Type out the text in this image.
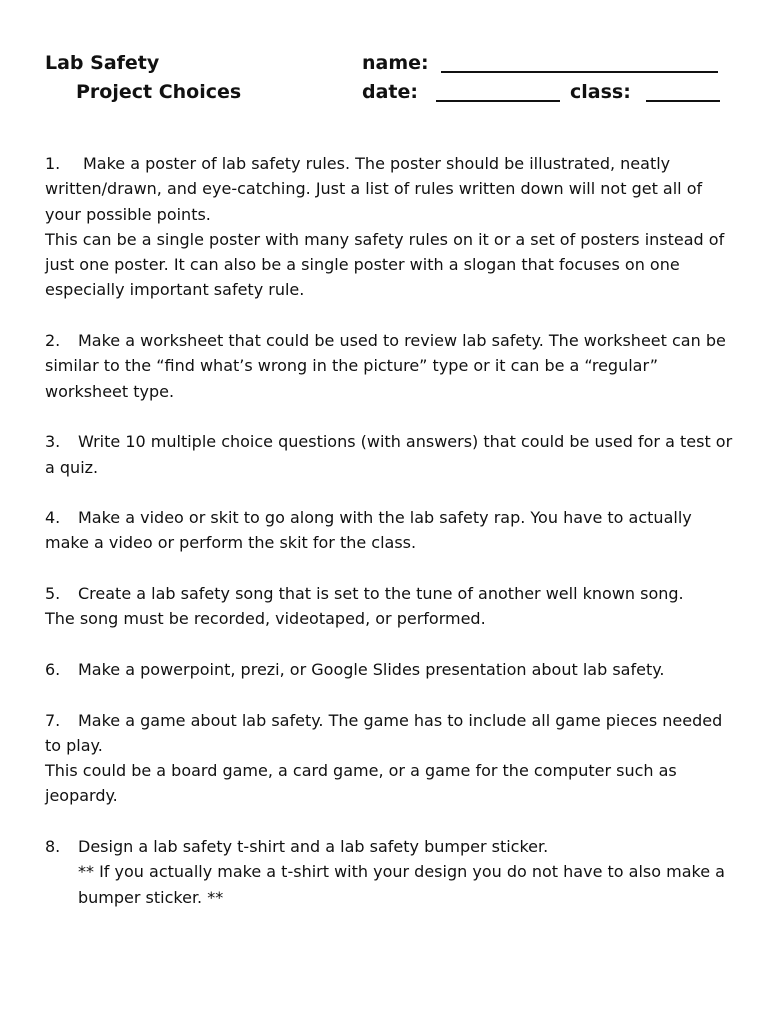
Lab Safety
Project Choices
name:
date:	class:

1. Make a poster of lab safety rules. The poster should be illustrated, neatly written/drawn, and eye-catching. Just a list of rules written down will not get all of your possible points.

This can be a single poster with many safety rules on it or a set of posters instead of just one poster. It can also be a single poster with a slogan that focuses on one especially important safety rule.

2. Make a worksheet that could be used to review lab safety. The worksheet can be similar to the “find what’s wrong in the picture” type or it can be a “regular” worksheet type.

3. Write 10 multiple choice questions (with answers) that could be used for a test or a quiz.

4. Make a video or skit to go along with the lab safety rap. You have to actually make a video or perform the skit for the class.

5. Create a lab safety song that is set to the tune of another well known song.

The song must be recorded, videotaped, or performed.

6. Make a powerpoint, prezi, or Google Slides presentation about lab safety.

7. Make a game about lab safety. The game has to include all game pieces needed to play.

This could be a board game, a card game, or a game for the computer such as jeopardy.

8. Design a lab safety t-shirt and a lab safety bumper sticker.

** If you actually make a t-shirt with your design you do not have to also make a bumper sticker. **
